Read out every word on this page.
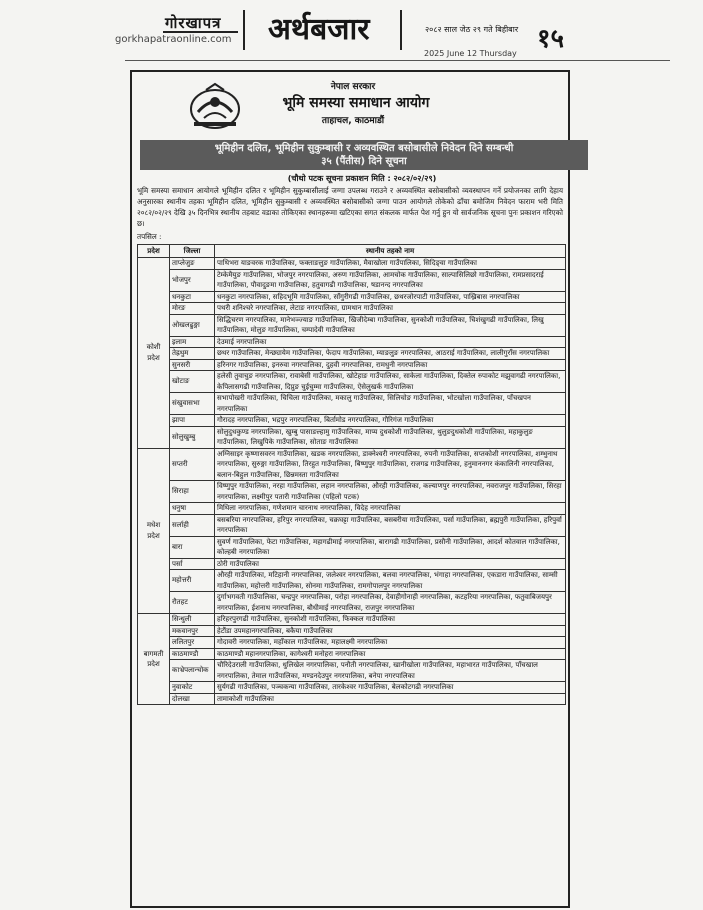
गोरखापत्र
gorkhapatraonline.com अर्थबजार	२०८२ साल जेठ २९ गते बिहीबार
2025 June 12 Thursday १५
नेपाल सरकार
भूमि समस्या समाधान आयोग
ताहाचल, काठमाडौं
भूमिहीन दलित, भूमिहीन सुकुम्बासी र अव्यवस्थित बसोबासीले निवेदन दिने सम्बन्धी
३५ (पैंतीस) दिने सूचना
(चौथो पटक सूचना प्रकाशन मिति : २०८२/०२/२९)
भूमि समस्या समाधान आयोगले भूमिहीन दलित र भूमिहीन सुकुम्बासीलाई जग्गा उपलब्ध गराउने र अव्यवस्थित बसोबासीको व्यवस्थापन गर्ने प्रयोजनका लागि देहाय अनुसारका स्थानीय तहका भूमिहीन दलित, भूमिहीन सुकुम्बासी र अव्यवस्थित बसोबासीको जग्गा पाउन आयोगले तोकेको ढाँचा बमोजिम निवेदन फाराम भरी मिति २०८२/०२/२९ देखि ३५ दिनभित्र स्थानीय तहबाट वडाका तोकिएका स्थानहरूमा खटिएका सगत संकलक मार्फत पेश गर्नु हुन यो सार्वजनिक सूचना पुनः प्रकाशन गरिएको छ।
तपसिल :
प्रदेश	जिल्ला	स्थानीय तहको नाम
कोशी प्रदेश	ताप्लेजुङ	पाथिभरा याङवरक गाउँपालिका, फक्ताङलुङ गाउँपालिका, मैवाखोला गाउँपालिका, सिदिङ्वा गाउँपालिका
	भोजपुर	टेम्केमैयुङ गाउँपालिका, भोजपुर नगरपालिका, अरुण गाउँपालिका, आमचोक गाउँपालिका, साल्पासिलिछो गाउँपालिका, रामप्रसादराई गाउँपालिका, पौवादुङमा गाउँपालिका, हतुवागढी गाउँपालिका, षडानन्द नगरपालिका
	धनकुटा	धनकुटा नगरपालिका, सहिदभूमि गाउँपालिका, साँगुरीगढी गाउँपालिका, छथरजोरपाटी गाउँपालिका, पाख्रिबास नगरपालिका
	मोरङ	पथरी शनिश्चरे नगरपालिका, लेटाङ नगरपालिका, ग्रामथान गाउँपालिका
	ओखलढुङ्गा	सिद्धिचरण नगरपालिका, मानेभञ्ज्याङ गाउँपालिका, खिजीदेम्बा गाउँपालिका, सुनकोशी गाउँपालिका, चिशंखुगढी गाउँपालिका, लिखु गाउँपालिका, मोलुङ गाउँपालिका, चम्पादेवी गाउँपालिका
	इलाम	देउमाई नगरपालिका
	तेह्रथुम	छथर गाउँपालिका, मेन्छ्यायेम गाउँपालिका, फेदाप गाउँपालिका, म्याङलुङ नगरपालिका, आठराई गाउँपालिका, लालीगुराँस नगरपालिका
	सुनसरी	हरिनगर गाउँपालिका, इनरुवा नगरपालिका, दुहवी नगरपालिका, रामधुनी नगरपालिका
	खोटाङ	हलेसी तुवाचुङ नगरपालिका, रावाबेसी गाउँपालिका, खोटेहाङ गाउँपालिका, साकेला गाउँपालिका, दिक्तेल रुपाकोट मझुवागढी नगरपालिका, केपिलासगढी गाउँपालिका, दिप्रुङ चुईचुम्मा गाउँपालिका, ऐसेलुखर्क गाउँपालिका
	संखुवासभा	सभापोखरी गाउँपालिका, चिचिला गाउँपालिका, मकालु गाउँपालिका, सिलिचोङ गाउँपालिका, भोटखोला गाउँपालिका, पाँचखपन नगरपालिका
	झापा	गौरादह नगरपालिका, भद्रपुर नगरपालिका, बिर्तामोड नगरपालिका, गौरिगंज गाउँपालिका
	सोलुखुम्बु	सोलुदुधकुण्ड नगरपालिका, खुम्बु पासाङल्हामु गाउँपालिका, माप्य दुधकोशी गाउँपालिका, थुलुङदुधकोशी गाउँपालिका, महाकुलुङ गाउँपालिका, लिखुपिके गाउँपालिका, सोताङ गाउँपालिका
मधेश प्रदेश	सप्तरी	अग्निसाइर कृष्णासवरन गाउँपालिका, खडक नगरपालिका, डाक्नेश्वरी नगरपालिका, रुपनी गाउँपालिका, सप्तकोशी नगरपालिका, शम्भुनाथ नगरपालिका, सुरुङ्गा गाउँपालिका, तिरहुत गाउँपालिका, बिष्णुपुर गाउँपालिका, राजगढ गाउँपालिका, हनुमाननगर कंकालिनी नगरपालिका, बलान-बिहुल गाउँपालिका, छिन्नमस्ता गाउँपालिका
	सिराहा	विष्णुपुर गाउँपालिका, नरहा गाउँपालिका, लहान नगरपालिका, औरही गाउँपालिका, कल्याणपुर नगरपालिका, नवराजपुर गाउँपालिका, सिरहा नगरपालिका, लक्ष्मीपुर पतारी गाउँपालिका (पहिलो पटक)
	धनुषा	मिथिला नगरपालिका, गणेशमान चारनाथ नगरपालिका, विदेह नगरपालिका
	सर्लाही	बसबरिया नगरपालिका, हरिपुर नगरपालिका, चक्रघट्टा गाउँपालिका, बसबरीया गाउँपालिका, पर्सा गाउँपालिका, ब्रह्मपुरी गाउँपालिका, हरिपुर्वा नगरपालिका
	बारा	सुवर्ण गाउँपालिका, फेटा गाउँपालिका, महागढीमाई नगरपालिका, बारागढी गाउँपालिका, प्रसौनी गाउँपालिका, आदर्श कोतवाल गाउँपालिका, कोल्हबी नगरपालिका
	पर्सा	ठोरी गाउँपालिका
	महोत्तरी	औरही गाउँपालिका, मटिहानी नगरपालिका, जलेश्वर नगरपालिका, बलवा नगरपालिका, भंगाहा नगरपालिका, एकडारा गाउँपालिका, साम्सी गाउँपालिका, महोत्तरी गाउँपालिका, सोनमा गाउँपालिका, रामगोपालपुर नगरपालिका
	रौतहट	दुर्गाभगवती गाउँपालिका, चन्द्रपुर नगरपालिका, परोहा नगरपालिका, देवाहीगोनाही नगरपालिका, कटहरिया नगरपालिका, फतुवाबिजयपुर नगरपालिका, ईशनाथ नगरपालिका, बौधीमाई नगरपालिका, राजपुर नगरपालिका
बागमती प्रदेश	सिन्धुली	हरिहरपुरगढी गाउँपालिका, सुनकोशी गाउँपालिका, फिक्कल गाउँपालिका
	मकवानपुर	हेटौंडा उपमहानगरपालिका, बकैया गाउँपालिका
	ललितपुर	गोदावरी नगरपालिका, महाँकाल गाउँपालिका, महालक्ष्मी नगरपालिका
	काठमाण्डौ	काठमाण्डौ महानगरपालिका, कागेश्वरी मनोहरा नगरपालिका
	काभ्रेपलान्चोक	चौरिदेउराली गाउँपालिका, धुलिखेल नगरपालिका, पनौती नगरपालिका, खानीखोला गाउँपालिका, महाभारत गाउँपालिका, पाँचखाल नगरपालिका, तेमाल गाउँपालिका, मण्डनदेउपुर नगरपालिका, बनेपा नगरपालिका
	नुवाकोट	सुर्यगढी गाउँपालिका, पञ्चकन्या गाउँपालिका, तारकेश्वर गाउँपालिका, बेलकोटगढी नगरपालिका
	दोलखा	तामाकोशी गाउँपालिका
